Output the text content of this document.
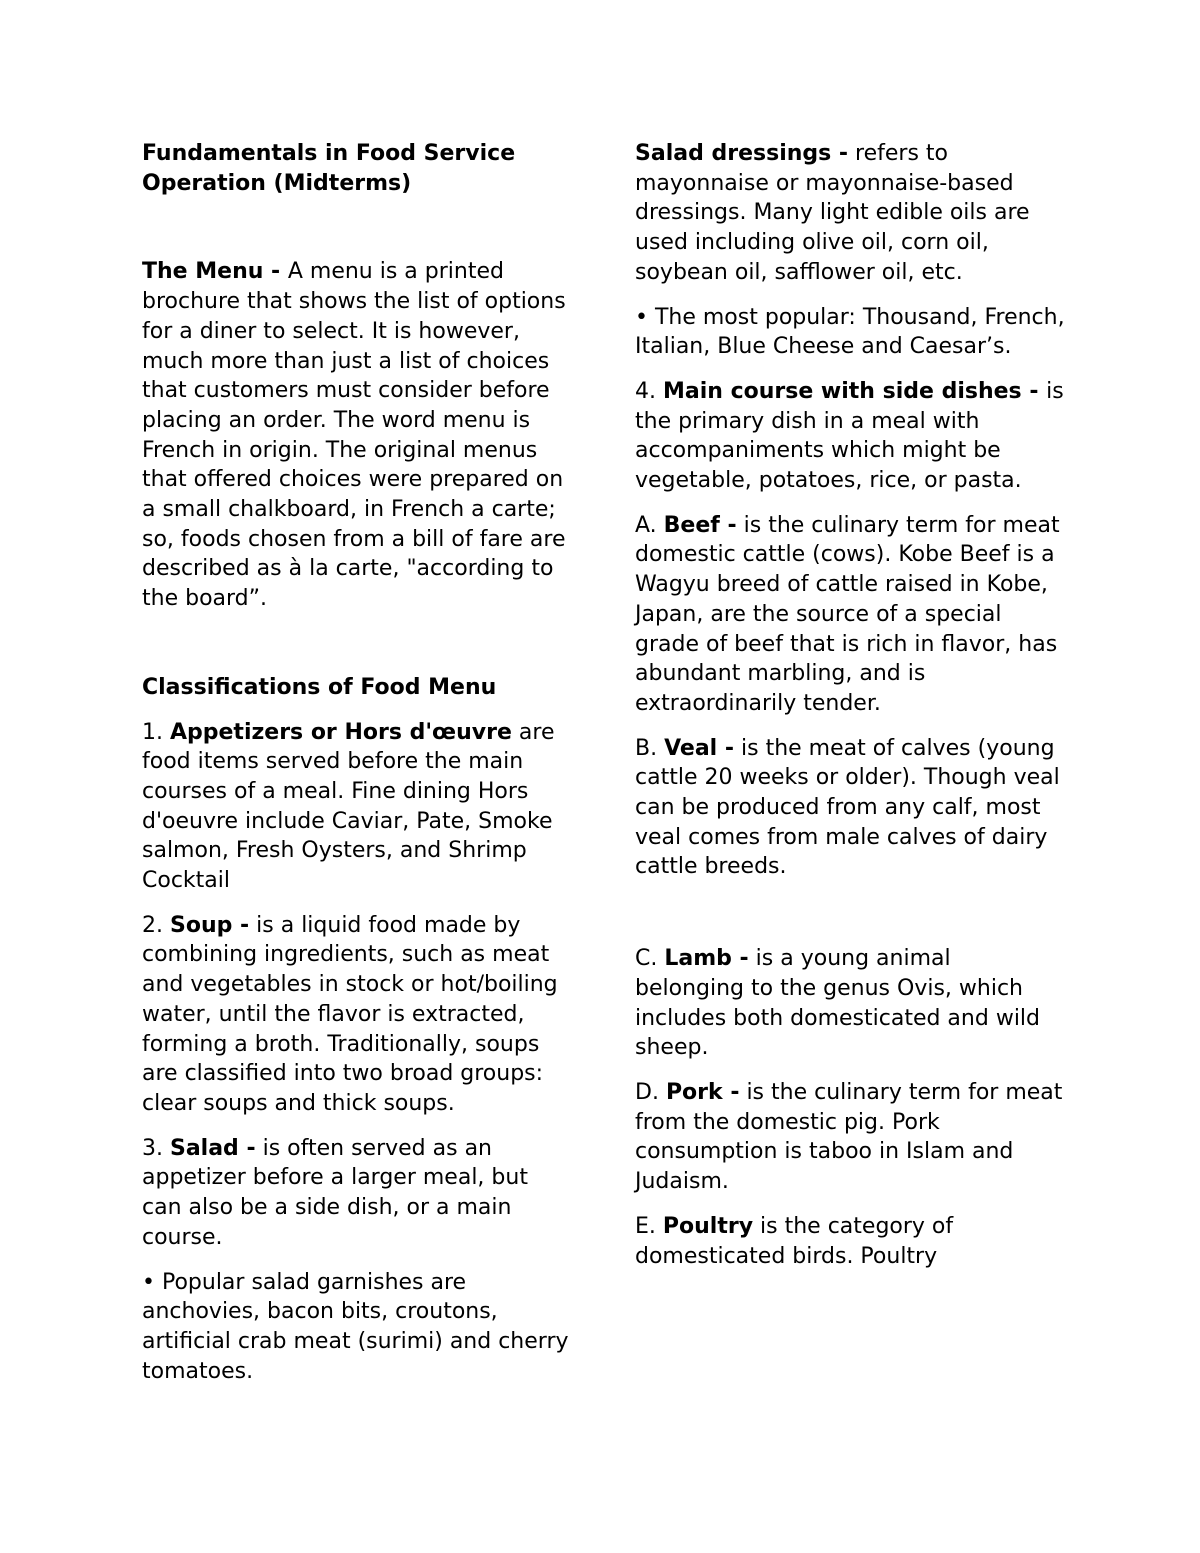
Fundamentals in Food Service Operation (Midterms)

The Menu - A menu is a printed brochure that shows the list of options for a diner to select. It is however, much more than just a list of choices that customers must consider before placing an order. The word menu is French in origin. The original menus that offered choices were prepared on a small chalkboard, in French a carte; so, foods chosen from a bill of fare are described as à la carte, "according to the board”.

Classifications of Food Menu

1. Appetizers or Hors d'œuvre are food items served before the main courses of a meal. Fine dining Hors d'oeuvre include Caviar, Pate, Smoke salmon, Fresh Oysters, and Shrimp Cocktail

2. Soup - is a liquid food made by combining ingredients, such as meat and vegetables in stock or hot/boiling water, until the flavor is extracted, forming a broth. Traditionally, soups are classified into two broad groups: clear soups and thick soups.

3. Salad - is often served as an appetizer before a larger meal, but can also be a side dish, or a main course.

• Popular salad garnishes are anchovies, bacon bits, croutons, artificial crab meat (surimi) and cherry tomatoes.

Salad dressings - refers to mayonnaise or mayonnaise-based dressings. Many light edible oils are used including olive oil, corn oil, soybean oil, safflower oil, etc.

• The most popular: Thousand, French, Italian, Blue Cheese and Caesar’s.

4. Main course with side dishes - is the primary dish in a meal with accompaniments which might be vegetable, potatoes, rice, or pasta.

A. Beef - is the culinary term for meat domestic cattle (cows). Kobe Beef is a Wagyu breed of cattle raised in Kobe, Japan, are the source of a special grade of beef that is rich in flavor, has abundant marbling, and is extraordinarily tender.

B. Veal - is the meat of calves (young cattle 20 weeks or older). Though veal can be produced from any calf, most veal comes from male calves of dairy cattle breeds.

C. Lamb - is a young animal belonging to the genus Ovis, which includes both domesticated and wild sheep.

D. Pork - is the culinary term for meat from the domestic pig. Pork consumption is taboo in Islam and Judaism.

E. Poultry is the category of domesticated birds. Poultry
